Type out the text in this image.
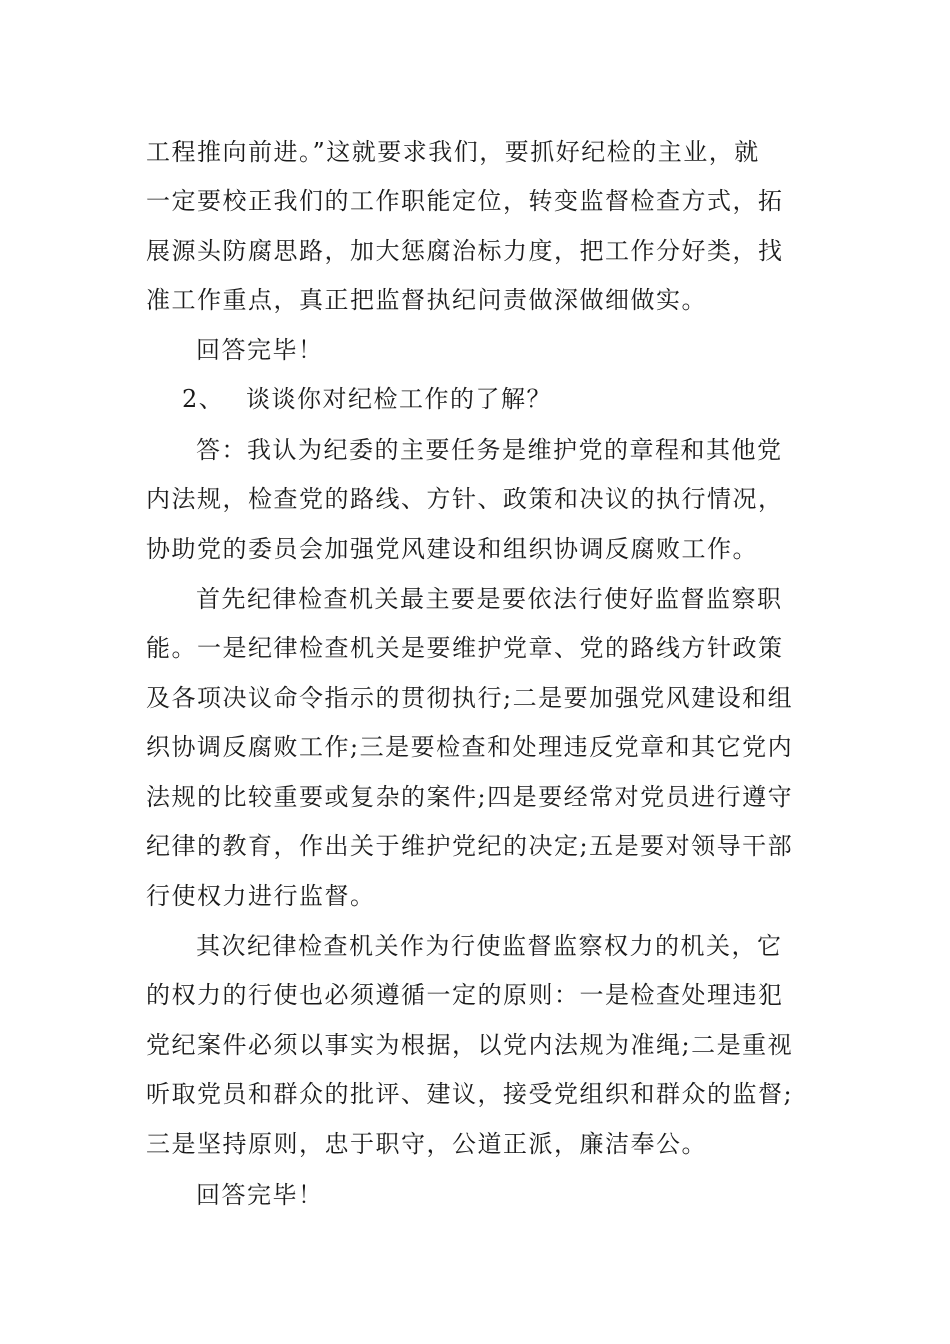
工程推向前进。”这就要求我们，要抓好纪检的主业，就
一定要校正我们的工作职能定位，转变监督检查方式，拓
展源头防腐思路，加大惩腐治标力度，把工作分好类，找
准工作重点，真正把监督执纪问责做深做细做实。
回答完毕！
2、 谈谈你对纪检工作的了解？
答：我认为纪委的主要任务是维护党的章程和其他党
内法规，检查党的路线、方针、政策和决议的执行情况，
协助党的委员会加强党风建设和组织协调反腐败工作。
首先纪律检查机关最主要是要依法行使好监督监察职
能。一是纪律检查机关是要维护党章、党的路线方针政策
及各项决议命令指示的贯彻执行;二是要加强党风建设和组
织协调反腐败工作;三是要检查和处理违反党章和其它党内
法规的比较重要或复杂的案件;四是要经常对党员进行遵守
纪律的教育，作出关于维护党纪的决定;五是要对领导干部
行使权力进行监督。
其次纪律检查机关作为行使监督监察权力的机关，它
的权力的行使也必须遵循一定的原则：一是检查处理违犯
党纪案件必须以事实为根据，以党内法规为准绳;二是重视
听取党员和群众的批评、建议，接受党组织和群众的监督;
三是坚持原则，忠于职守，公道正派，廉洁奉公。
回答完毕！
